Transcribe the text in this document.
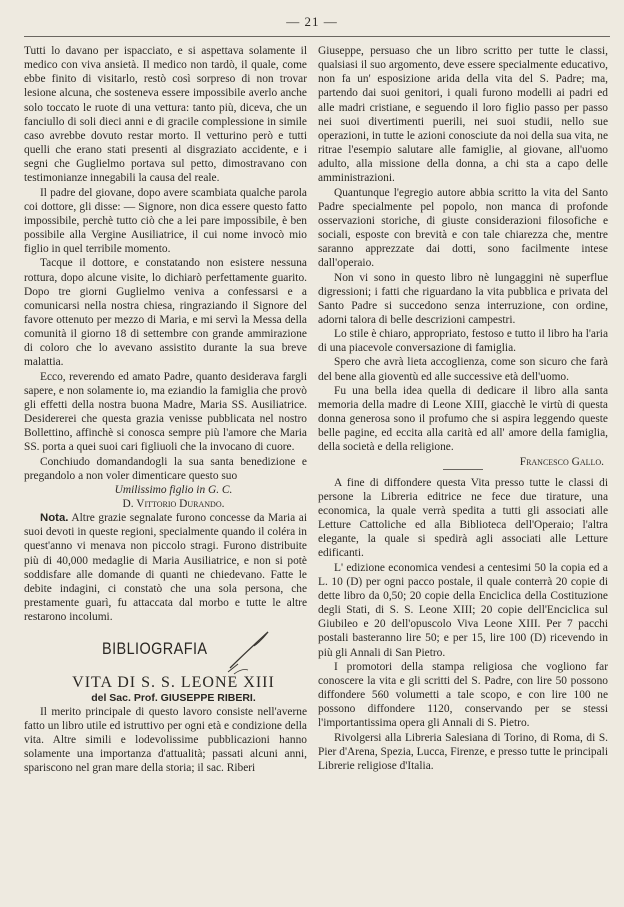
— 21 —

Tutti lo davano per ispacciato, e si aspettava solamente il medico con viva ansietà. Il medico non tardò, il quale, come ebbe finito di visitarlo, restò così sorpreso di non trovar lesione alcuna, che sosteneva essere impossibile averlo anche solo toccato le ruote di una vettura: tanto più, diceva, che un fanciullo di soli dieci anni e di gracile complessione in simile caso avrebbe dovuto restar morto. Il vetturino però e tutti quelli che erano stati presenti al disgraziato accidente, e i segni che Guglielmo portava sul petto, dimostravano con testimonianze innegabili la causa del reale.

Il padre del giovane, dopo avere scambiata qualche parola coi dottore, gli disse: — Signore, non dica essere questo fatto impossibile, perchè tutto ciò che a lei pare impossibile, è ben possibile alla Vergine Ausiliatrice, il cui nome invocò mio figlio in quel terribile momento.

Tacque il dottore, e constatando non esistere nessuna rottura, dopo alcune visite, lo dichiarò perfettamente guarito. Dopo tre giorni Guglielmo veniva a confessarsi e a comunicarsi nella nostra chiesa, ringraziando il Signore del favore ottenuto per mezzo di Maria, e mi servì la Messa della comunità il giorno 18 di settembre con grande ammirazione di coloro che lo avevano assistito durante la sua breve malattia.

Ecco, reverendo ed amato Padre, quanto desiderava fargli sapere, e non solamente io, ma eziandio la famiglia che provò gli effetti della nostra buona Madre, Maria SS. Ausiliatrice. Desidererei che questa grazia venisse pubblicata nel nostro Bollettino, affinchè si conosca sempre più l'amore che Maria SS. porta a quei suoi cari figliuoli che la invocano di cuore.

Conchiudo domandandogli la sua santa benedizione e pregandolo a non voler dimenticare questo suo

Umilissimo figlio in G. C.

D. Vittorio Durando.

Nota. Altre grazie segnalate furono concesse da Maria ai suoi devoti in queste regioni, specialmente quando il coléra in quest'anno vi menava non piccolo stragi. Furono distribuite più di 40,000 medaglie di Maria Ausiliatrice, e non si potè soddisfare alle domande di quanti ne chiedevano. Fatte le debite indagini, ci constatò che una sola persona, che prestamente guarì, fu attaccata dal morbo e tutte le altre restarono incolumi.

BIBLIOGRAFIA

VITA DI S. S. LEONE XIII

del Sac. Prof. GIUSEPPE RIBERI.

Il merito principale di questo lavoro consiste nell'averne fatto un libro utile ed istruttivo per ogni età e condizione della vita. Altre simili e lodevolissime pubblicazioni hanno solamente una importanza d'attualità; passati alcuni anni, spariscono nel gran mare della storia; il sac. Riberi

Giuseppe, persuaso che un libro scritto per tutte le classi, qualsiasi il suo argomento, deve essere specialmente educativo, non fa un' esposizione arida della vita del S. Padre; ma, partendo dai suoi genitori, i quali furono modelli ai padri ed alle madri cristiane, e seguendo il loro figlio passo per passo nei suoi divertimenti puerili, nei suoi studii, nello sue operazioni, in tutte le azioni conosciute da noi della sua vita, ne ritrae l'esempio salutare alle famiglie, al giovane, all'uomo adulto, alla missione della donna, a chi sta a capo delle amministrazioni.

Quantunque l'egregio autore abbia scritto la vita del Santo Padre specialmente pel popolo, non manca di profonde osservazioni storiche, di giuste considerazioni filosofiche e sociali, esposte con brevità e con tale chiarezza che, mentre saranno apprezzate dai dotti, sono facilmente intese dall'operaio.

Non vi sono in questo libro nè lungaggini nè superflue digressioni; i fatti che riguardano la vita pubblica e privata del Santo Padre si succedono senza interruzione, con ordine, adorni talora di belle descrizioni campestri.

Lo stile è chiaro, appropriato, festoso e tutto il libro ha l'aria di una piacevole conversazione di famiglia.

Spero che avrà lieta accoglienza, come son sicuro che farà del bene alla gioventù ed alle successive età dell'uomo.

Fu una bella idea quella di dedicare il libro alla santa memoria della madre di Leone XIII, giacchè le virtù di questa donna generosa sono il profumo che si aspira leggendo queste belle pagine, ed eccita alla carità ed all' amore della famiglia, della società e della religione.

Francesco Gallo.

A fine di diffondere questa Vita presso tutte le classi di persone la Libreria editrice ne fece due tirature, una economica, la quale verrà spedita a tutti gli associati alle Letture Cattoliche ed alla Biblioteca dell'Operaio; l'altra elegante, la quale si spedirà agli associati alle Letture edificanti.

L' edizione economica vendesi a centesimi 50 la copia ed a L. 10 (D) per ogni pacco postale, il quale conterrà 20 copie di dette libro da 0,50; 20 copie della Enciclica della Costituzione degli Stati, di S. S. Leone XIII; 20 copie dell'Enciclica sul Giubileo e 20 dell'opuscolo Viva Leone XIII. Per 7 pacchi postali basteranno lire 50; e per 15, lire 100 (D) ricevendo in più gli Annali di San Pietro.

I promotori della stampa religiosa che vogliono far conoscere la vita e gli scritti del S. Padre, con lire 50 possono diffondere 560 volumetti a tale scopo, e con lire 100 ne possono diffondere 1120, conservando per se stessi l'importantissima opera gli Annali di S. Pietro.

Rivolgersi alla Libreria Salesiana di Torino, di Roma, di S. Pier d'Arena, Spezia, Lucca, Firenze, e presso tutte le principali Librerie religiose d'Italia.
